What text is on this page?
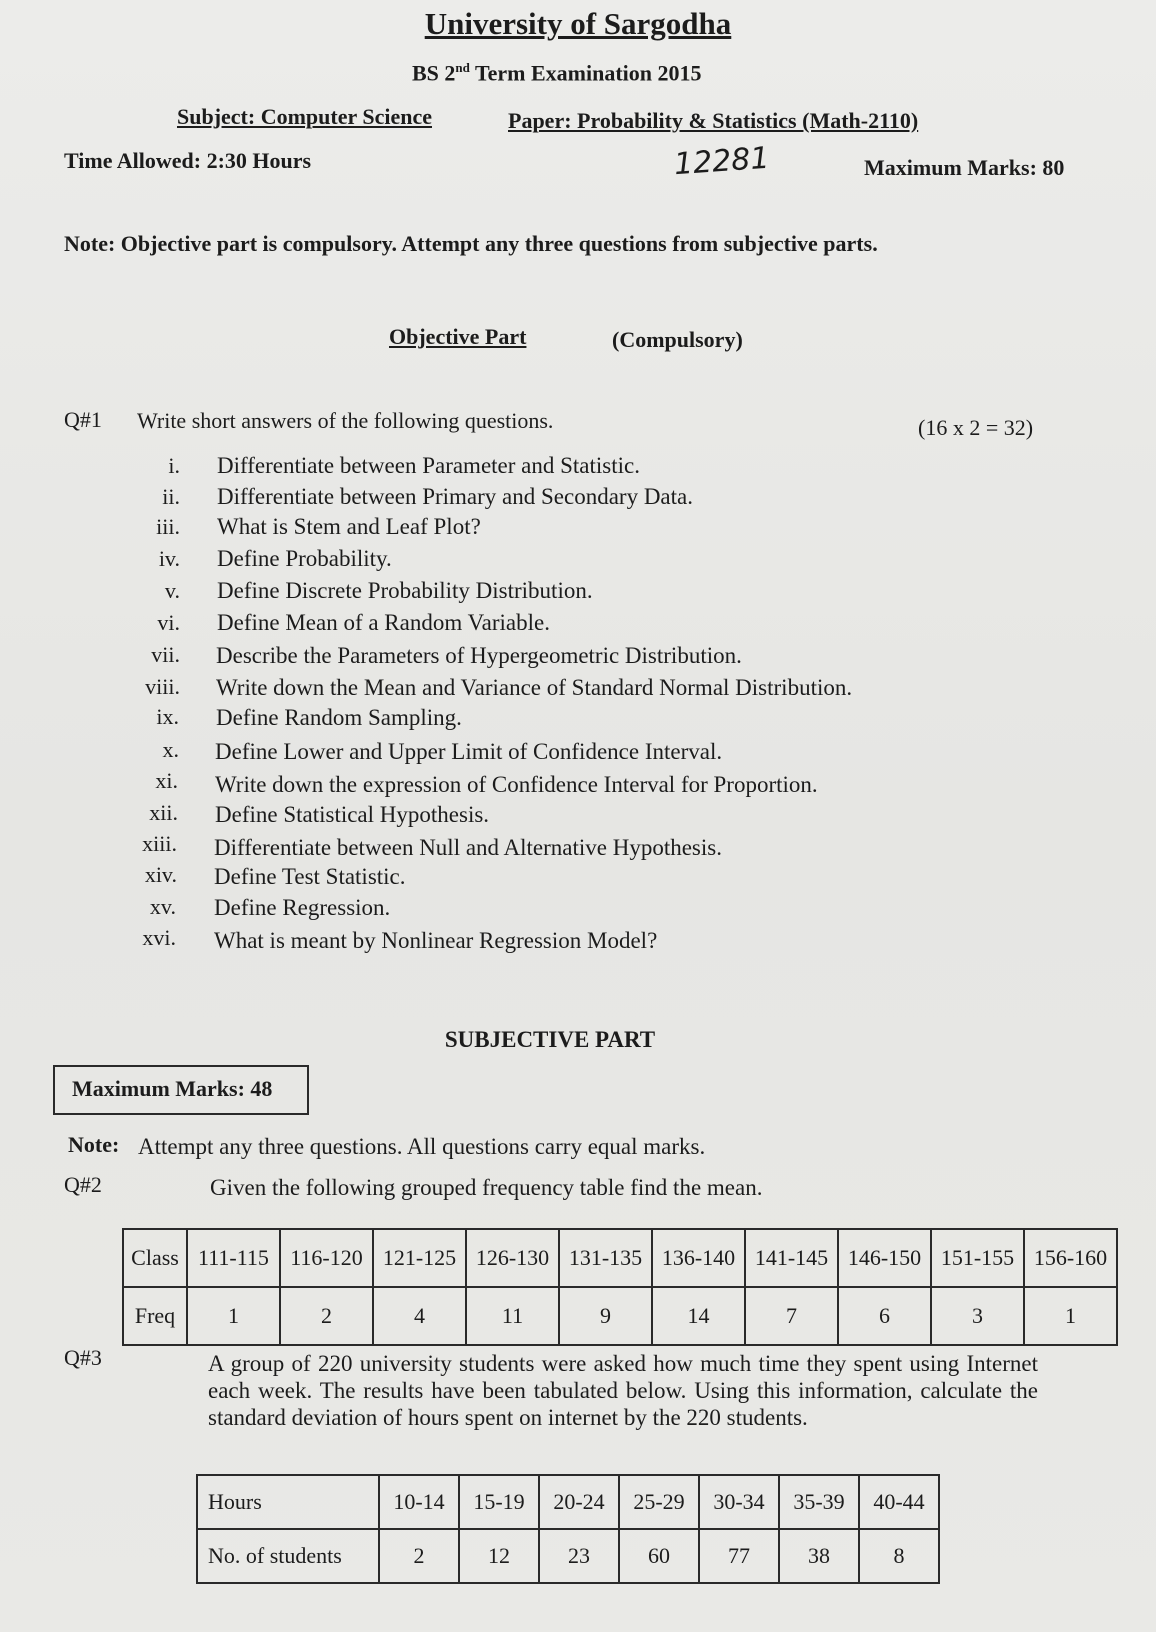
University of Sargodha
BS 2nd Term Examination 2015
Subject: Computer Science	Paper: Probability & Statistics (Math-2110)
Time Allowed: 2:30 Hours	12281	Maximum Marks: 80
Note: Objective part is compulsory. Attempt any three questions from subjective parts.
Objective Part	(Compulsory)
Q#1 Write short answers of the following questions.	(16 x 2 = 32)
i. Differentiate between Parameter and Statistic.
ii. Differentiate between Primary and Secondary Data.
iii. What is Stem and Leaf Plot?
iv. Define Probability.
v. Define Discrete Probability Distribution.
vi. Define Mean of a Random Variable.
vii. Describe the Parameters of Hypergeometric Distribution.
viii. Write down the Mean and Variance of Standard Normal Distribution.
ix. Define Random Sampling.
x. Define Lower and Upper Limit of Confidence Interval.
xi. Write down the expression of Confidence Interval for Proportion.
xii. Define Statistical Hypothesis.
xiii. Differentiate between Null and Alternative Hypothesis.
xiv. Define Test Statistic.
xv. Define Regression.
xvi. What is meant by Nonlinear Regression Model?
SUBJECTIVE PART
Maximum Marks: 48
Note: Attempt any three questions. All questions carry equal marks.
Q#2	Given the following grouped frequency table find the mean.
Class	111-115	116-120	121-125	126-130	131-135	136-140	141-145	146-150	151-155	156-160
Freq	1	2	4	11	9	14	7	6	3	1
Q#3	A group of 220 university students were asked how much time they spent using Internet each week. The results have been tabulated below. Using this information, calculate the standard deviation of hours spent on internet by the 220 students.
Hours	10-14	15-19	20-24	25-29	30-34	35-39	40-44
No. of students	2	12	23	60	77	38	8
